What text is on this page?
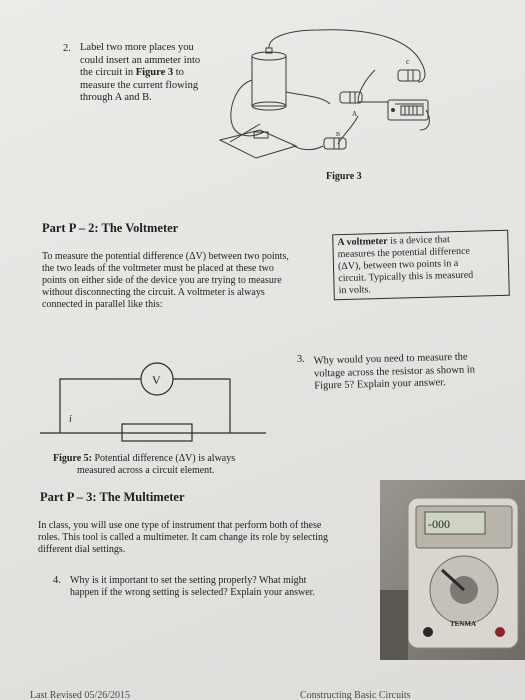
2. Label two more places you
could insert an ammeter into
the circuit in Figure 3 to
measure the current flowing
through A and B.
c
A
B
Figure 3
Part P – 2: The Voltmeter
To measure the potential difference (ΔV) between two points,
the two leads of the voltmeter must be placed at these two
points on either side of the device you are trying to measure
without disconnecting the circuit. A voltmeter is always
connected in parallel like this:
A voltmeter is a device that
measures the potential difference
(ΔV), between two points in a
circuit. Typically this is measured
in volts.
V
i
Figure 5: Potential difference (ΔV) is always
measured across a circuit element.
3. Why would you need to measure the
voltage across the resistor as shown in
Figure 5? Explain your answer.
Part P – 3: The Multimeter
In class, you will use one type of instrument that perform both of these
roles. This tool is called a multimeter. It cam change its role by selecting
different dial settings.
4. Why is it important to set the setting properly? What might
happen if the wrong setting is selected? Explain your answer.
-000
TENMA
Last Revised 05/26/2015	Constructing Basic Circuits
